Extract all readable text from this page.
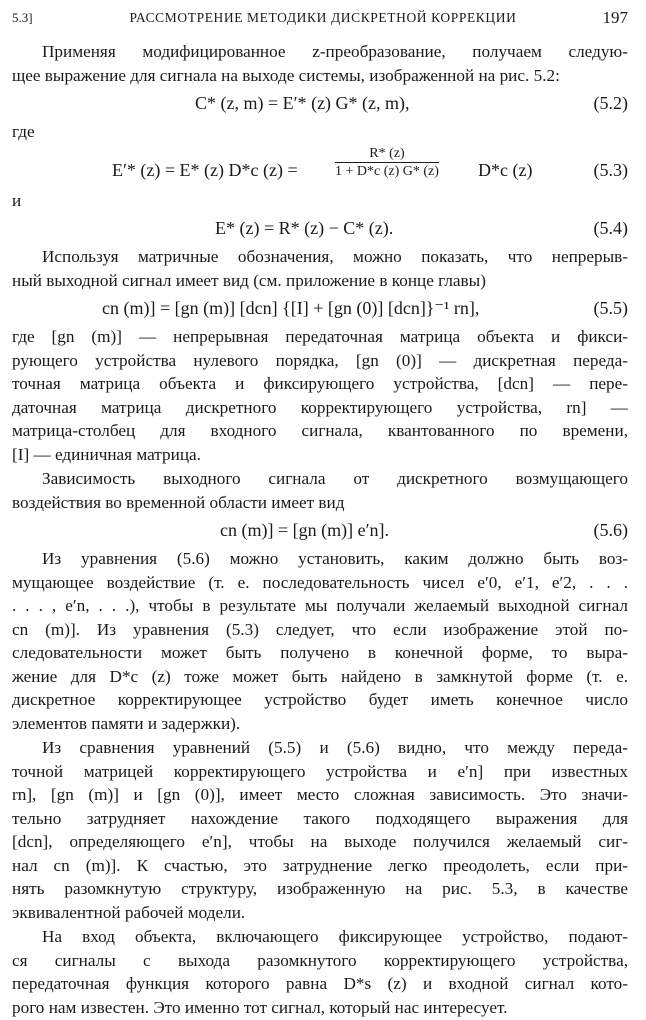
5.3]	РАССМОТРЕНИЕ МЕТОДИКИ ДИСКРЕТНОЙ КОРРЕКЦИИ	197
C* (z, m) = E′* (z) G* (z, m),	(5.2)
E′* (z) = E* (z) D*c (z) =	$\frac{R* (z)}{1 + D*c (z) G* (z)} D*c$ (z)	(5.3)
E* (z) = R* (z) − C* (z).	(5.4)
cn (m)] = [gn (m)] [dcn] {[I] + [gn (0)] [dcn]}⁻¹ rn],	(5.5)
cn (m)] = [gn (m)] e′n].	(5.6)
Применяя модифицированное z-преобразование, получаем следую-
щее выражение для сигнала на выходе системы, изображенной на рис. 5.2:
где
и
Используя матричные обозначения, можно показать, что непрерыв-
ный выходной сигнал имеет вид (см. приложение в конце главы)
где [gn (m)] — непрерывная передаточная матрица объекта и фикси-
рующего устройства нулевого порядка, [gn (0)] — дискретная переда-
точная матрица объекта и фиксирующего устройства, [dcn] — пере-
даточная матрица дискретного корректирующего устройства, rn] —
матрица-столбец для входного сигнала, квантованного по времени,
[I] — единичная матрица.
Зависимость выходного сигнала от дискретного возмущающего
воздействия во временной области имеет вид
Из уравнения (5.6) можно установить, каким должно быть воз-
мущающее воздействие (т. е. последовательность чисел e′0, e′1, e′2, . . .
. . . , e′n, . . .), чтобы в результате мы получали желаемый выходной сигнал
cn (m)]. Из уравнения (5.3) следует, что если изображение этой по-
следовательности может быть получено в конечной форме, то выра-
жение для D*c (z) тоже может быть найдено в замкнутой форме (т. е.
дискретное корректирующее устройство будет иметь конечное число
элементов памяти и задержки).
Из сравнения уравнений (5.5) и (5.6) видно, что между переда-
точной матрицей корректирующего устройства и e′n] при известных
rn], [gn (m)] и [gn (0)], имеет место сложная зависимость. Это значи-
тельно затрудняет нахождение такого подходящего выражения для
[dcn], определяющего e′n], чтобы на выходе получился желаемый сиг-
нал cn (m)]. К счастью, это затруднение легко преодолеть, если при-
нять разомкнутую структуру, изображенную на рис. 5.3, в качестве
эквивалентной рабочей модели.
На вход объекта, включающего фиксирующее устройство, подают-
ся сигналы с выхода разомкнутого корректирующего устройства,
передаточная функция которого равна D*s (z) и входной сигнал кото-
рого нам известен. Это именно тот сигнал, который нас интересует.
